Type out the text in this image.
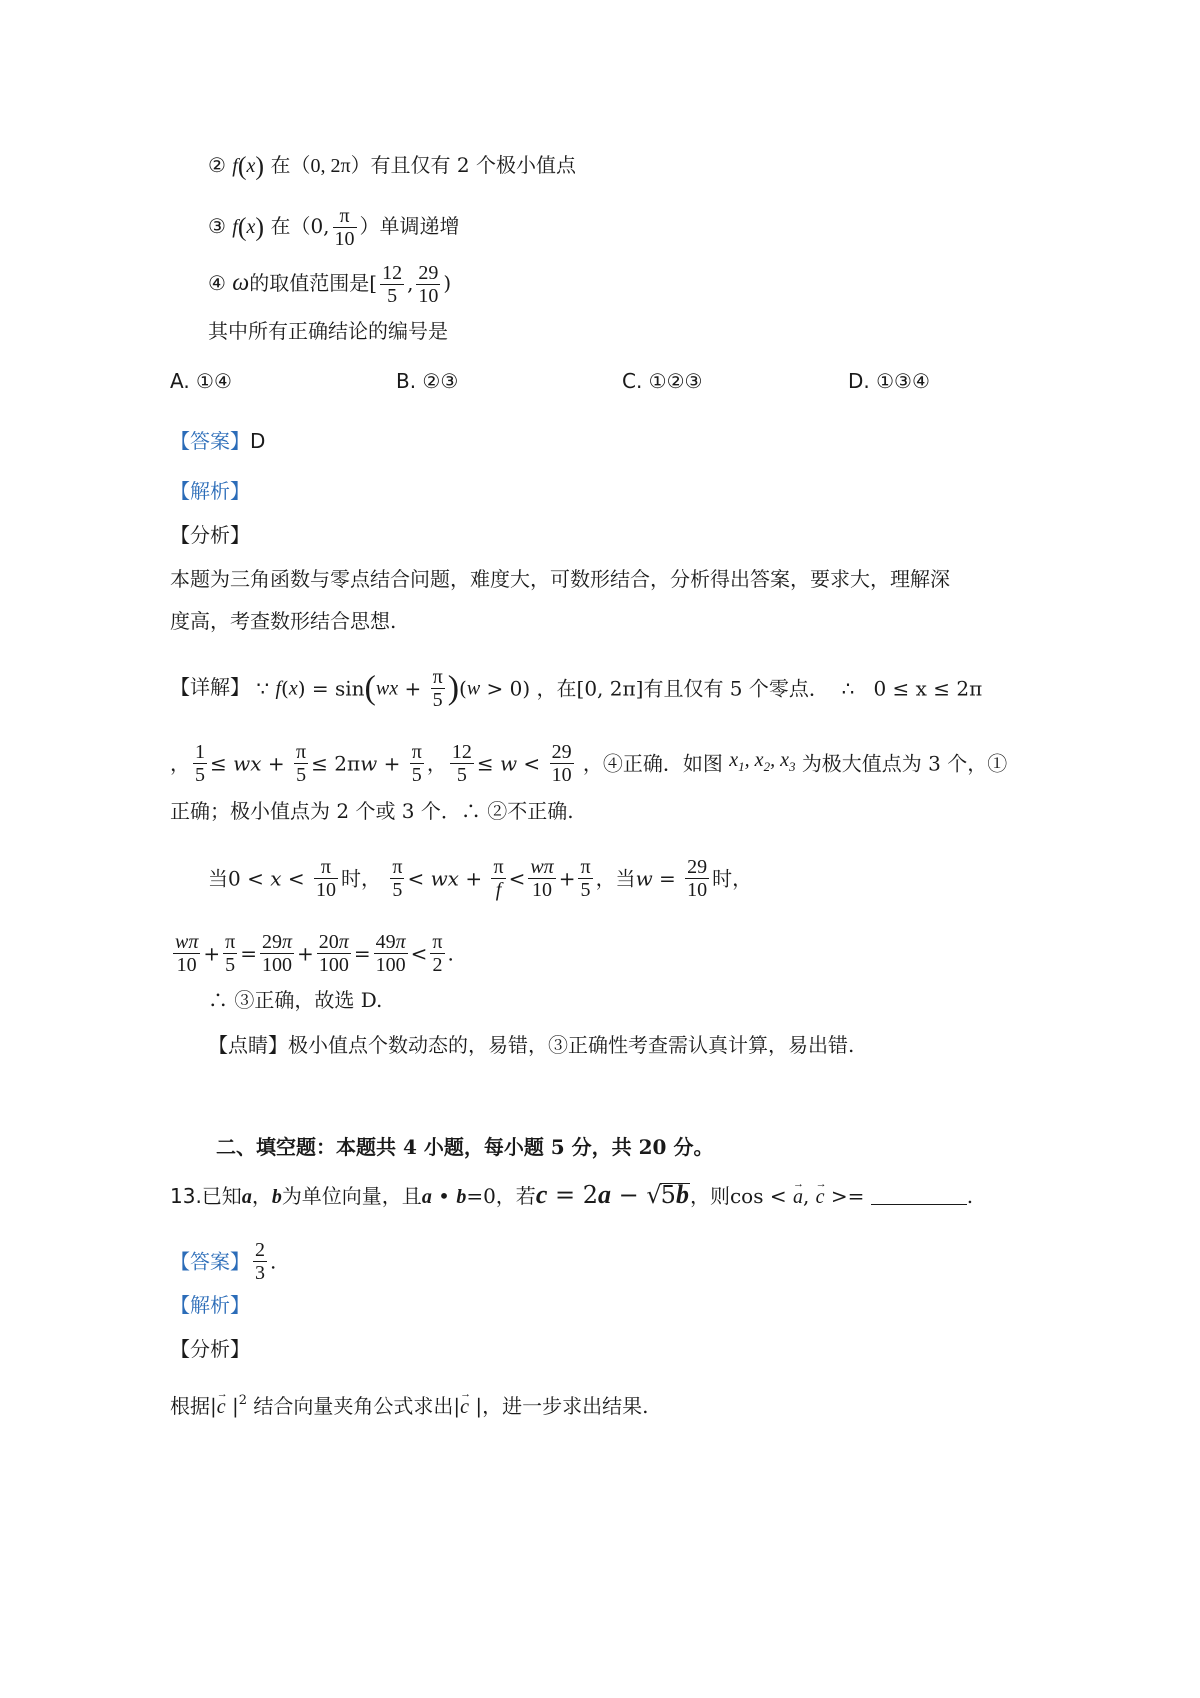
② f(x) 在（0, 2π）有且仅有 2 个极小值点
③ f(x) 在（0, $\frac{\pi}{10}$ ）单调递增
④ ω的取值范围是[ $\frac{12}{5}$ , $\frac{29}{10}$ )
其中所有正确结论的编号是
A. ①④	B. ②③	C. ①②③	D. ①③④
【答案】D
【解析】
【分析】
本题为三角函数与零点结合问题，难度大，可数形结合，分析得出答案，要求大，理解深
度高，考查数形结合思想.
【详解】 ∵ $f(x) = \sin(wx + \frac{\pi}{5} )(w > 0)$ ，在[0, 2π]有且仅有 5 个零点． ∴ 0 ≤ x ≤ 2π
， $\frac{1}{5}$ ≤ wx + $\frac{\pi}{5} \le 2\pi w + \frac{\pi}{5}$ ， $\frac{12}{5} \le w < \frac{29}{10}$ ，④正确．如图 $x_1$, $x_2$, $x_3$ 为极大值点为 3 个，①
正确；极小值点为 2 个或 3 个．∴ ②不正确.
当$0 < x < \frac{\pi}{10}$ 时， $\frac{\pi}{5}$ < wx + $\frac{\pi}{f} < \frac{w\pi}{10} + \frac{\pi}{5}$ ，当$w = \frac{29}{10}$ 时，
$\frac{w\pi}{10} + \frac{\pi}{5} = \frac{29\pi}{100} + \frac{20\pi}{100} = \frac{49\pi}{100} < \frac{\pi}{2}$ .
∴ ③正确，故选 D.
【点睛】极小值点个数动态的，易错，③正确性考查需认真计算，易出错.
二、填空题：本题共 4 小题，每小题 5 分，共 20 分。
13.已知a，b为单位向量，且a • b=0，若c = 2a − √5b，则cos < → a, → c >=	.
【答案】 $\frac{2}{3}$ .
【解析】
【分析】
根据|→ c $|^2$ 结合向量夹角公式求出|→ c |，进一步求出结果.
